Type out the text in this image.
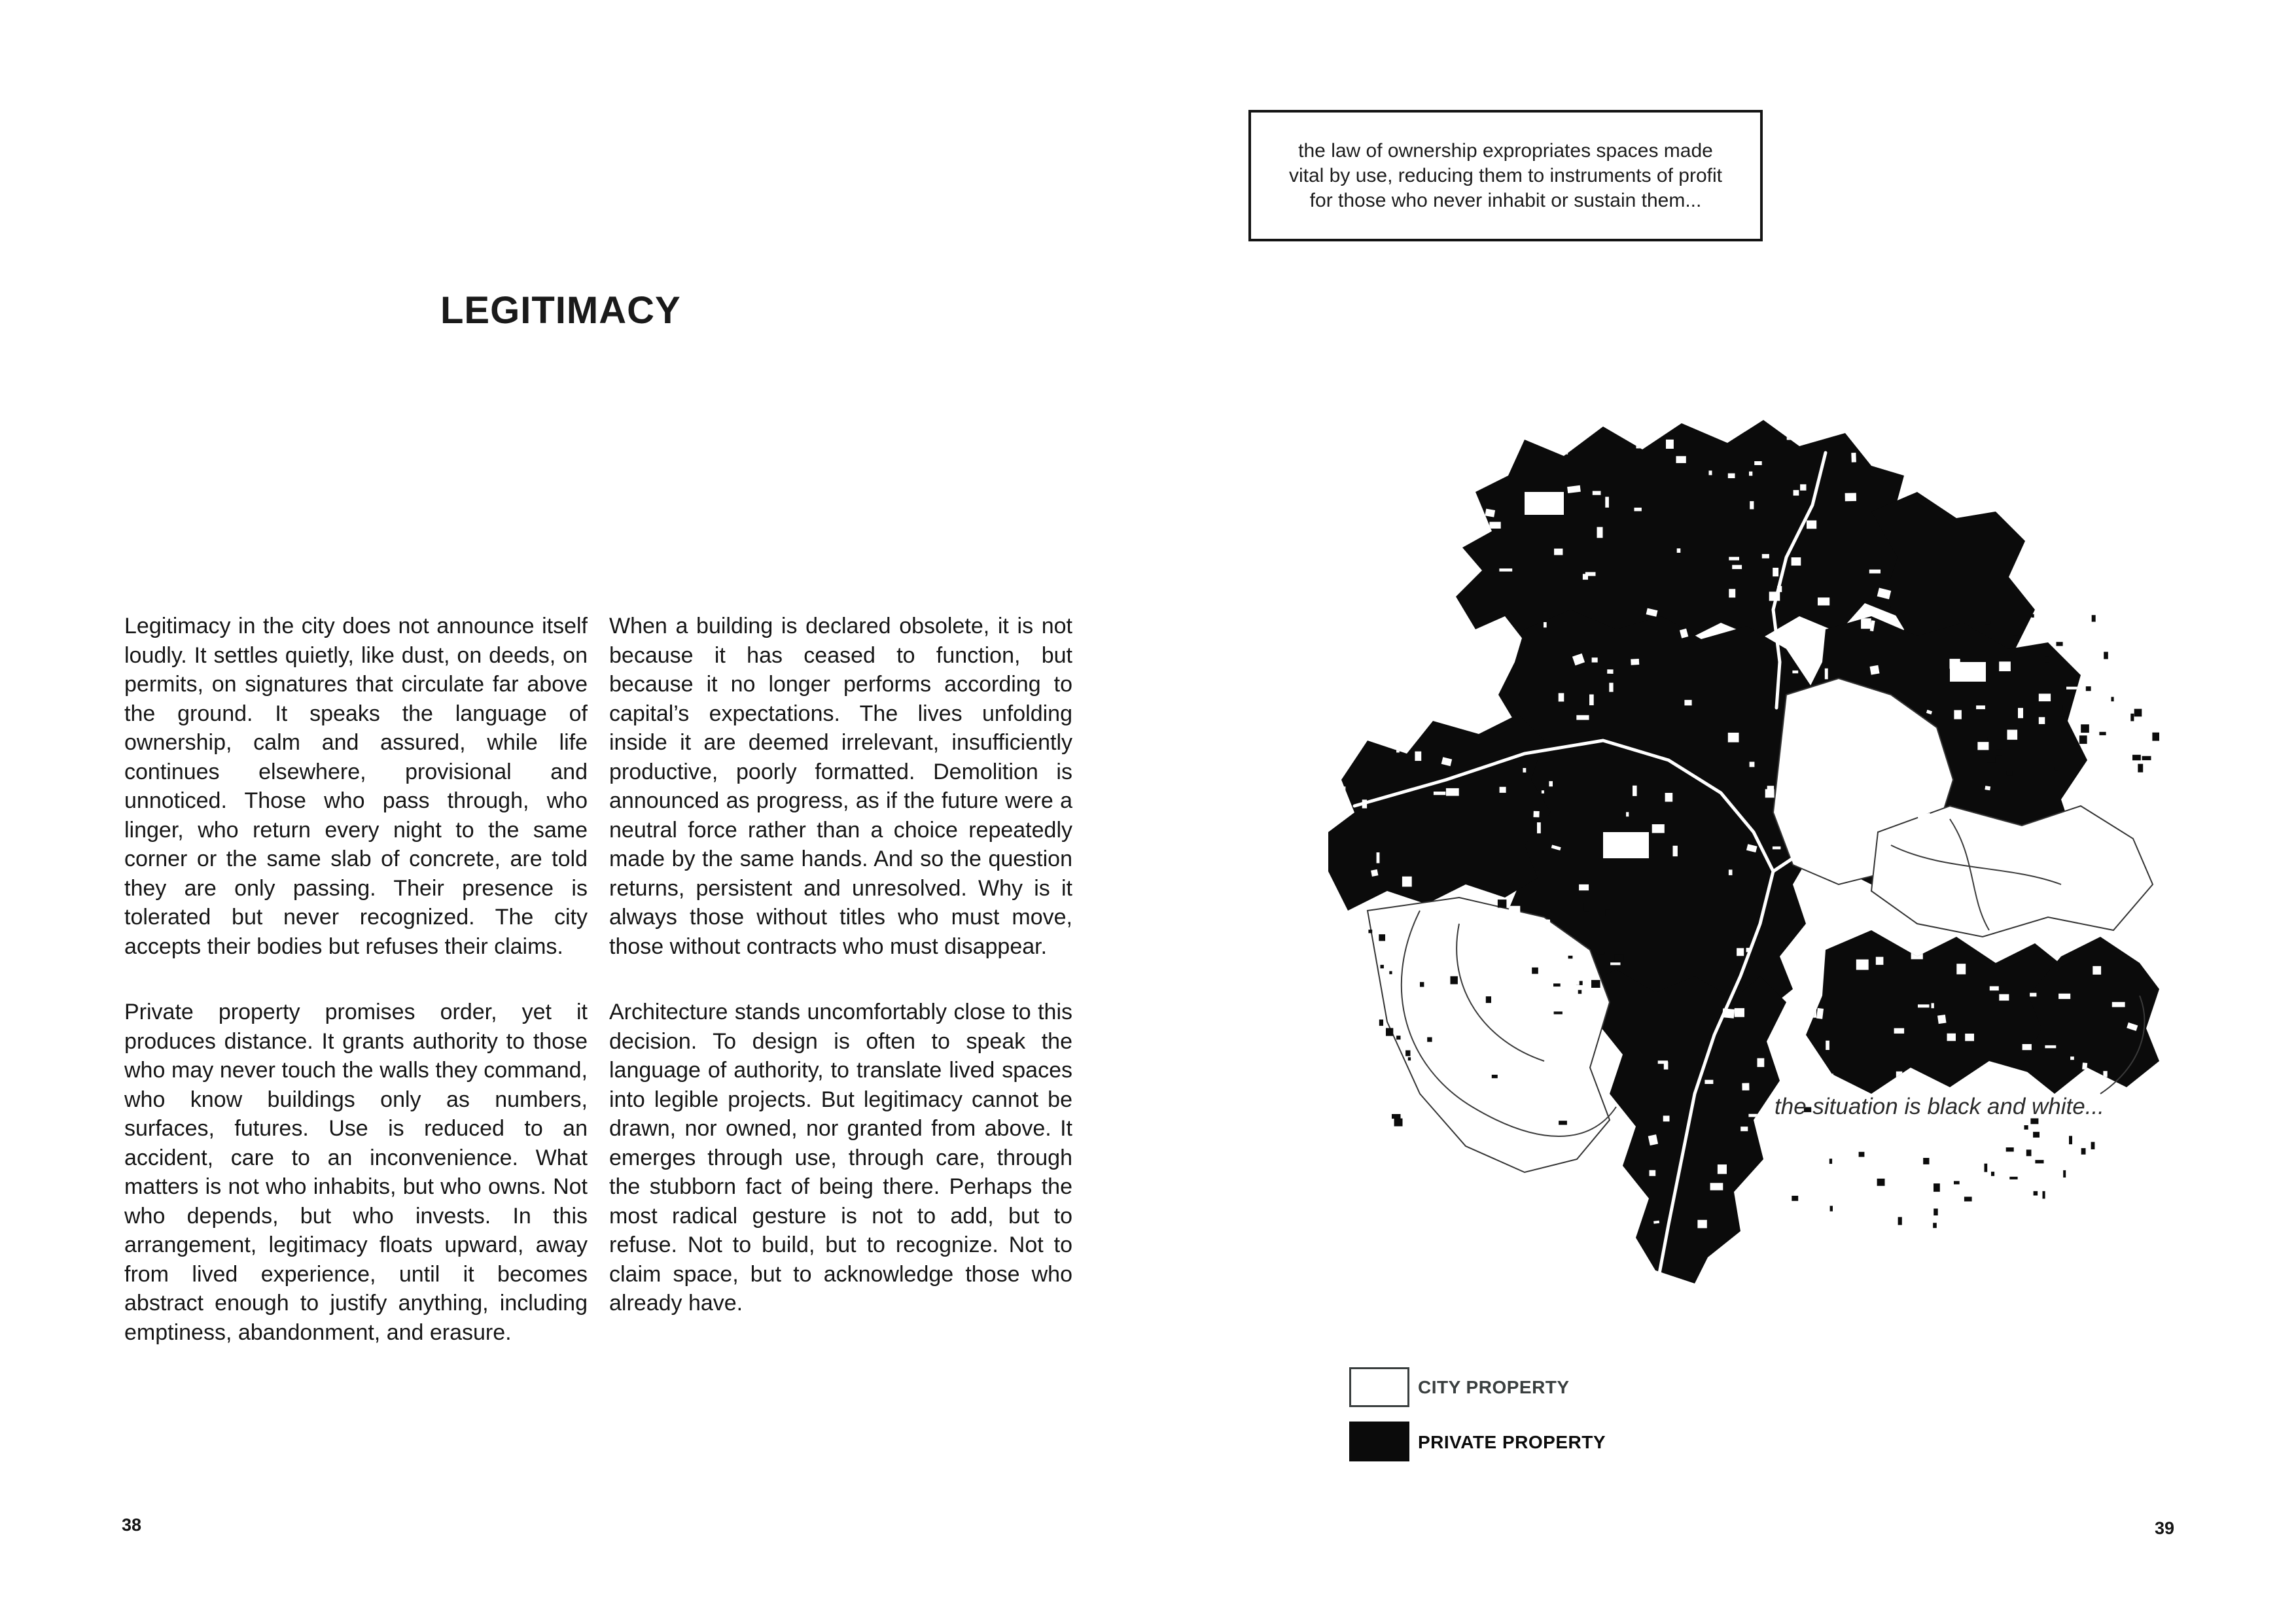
LEGITIMACY

Legitimacy in the city does not announce itself loudly. It settles quietly, like dust, on deeds, on permits, on signatures that circulate far above the ground. It speaks the language of ownership, calm and assured, while life continues elsewhere, provisional and unnoticed. Those who pass through, who linger, who return every night to the same corner or the same slab of concrete, are told they are only passing. Their presence is tolerated but never recognized. The city accepts their bodies but refuses their claims.

Private property promises order, yet it produces distance. It grants authority to those who may never touch the walls they command, who know buildings only as numbers, surfaces, futures. Use is reduced to an accident, care to an inconvenience. What matters is not who inhabits, but who owns. Not who depends, but who invests. In this arrangement, legitimacy floats upward, away from lived experience, until it becomes abstract enough to justify anything, including emptiness, abandonment, and erasure.

When a building is declared obsolete, it is not because it has ceased to function, but because it no longer performs according to capital’s expectations. The lives unfolding inside it are deemed irrelevant, insufficiently productive, poorly formatted. Demolition is announced as progress, as if the future were a neutral force rather than a choice repeatedly made by the same hands. And so the question returns, persistent and unresolved. Why is it always those without titles who must move, those without contracts who must disappear.

Architecture stands uncomfortably close to this decision. To design is often to speak the language of authority, to translate lived spaces into legible projects. But legitimacy cannot be drawn, nor owned, nor granted from above. It emerges through use, through care, through the stubborn fact of being there. Perhaps the most radical gesture is not to add, but to refuse. Not to build, but to recognize. Not to claim space, but to acknowledge those who already have.

38
the law of ownership expropriates spaces made vital by use, reducing them to instruments of profit for those who never inhabit or sustain them...
the situation is black and white...
CITY PROPERTY
PRIVATE PROPERTY
39
